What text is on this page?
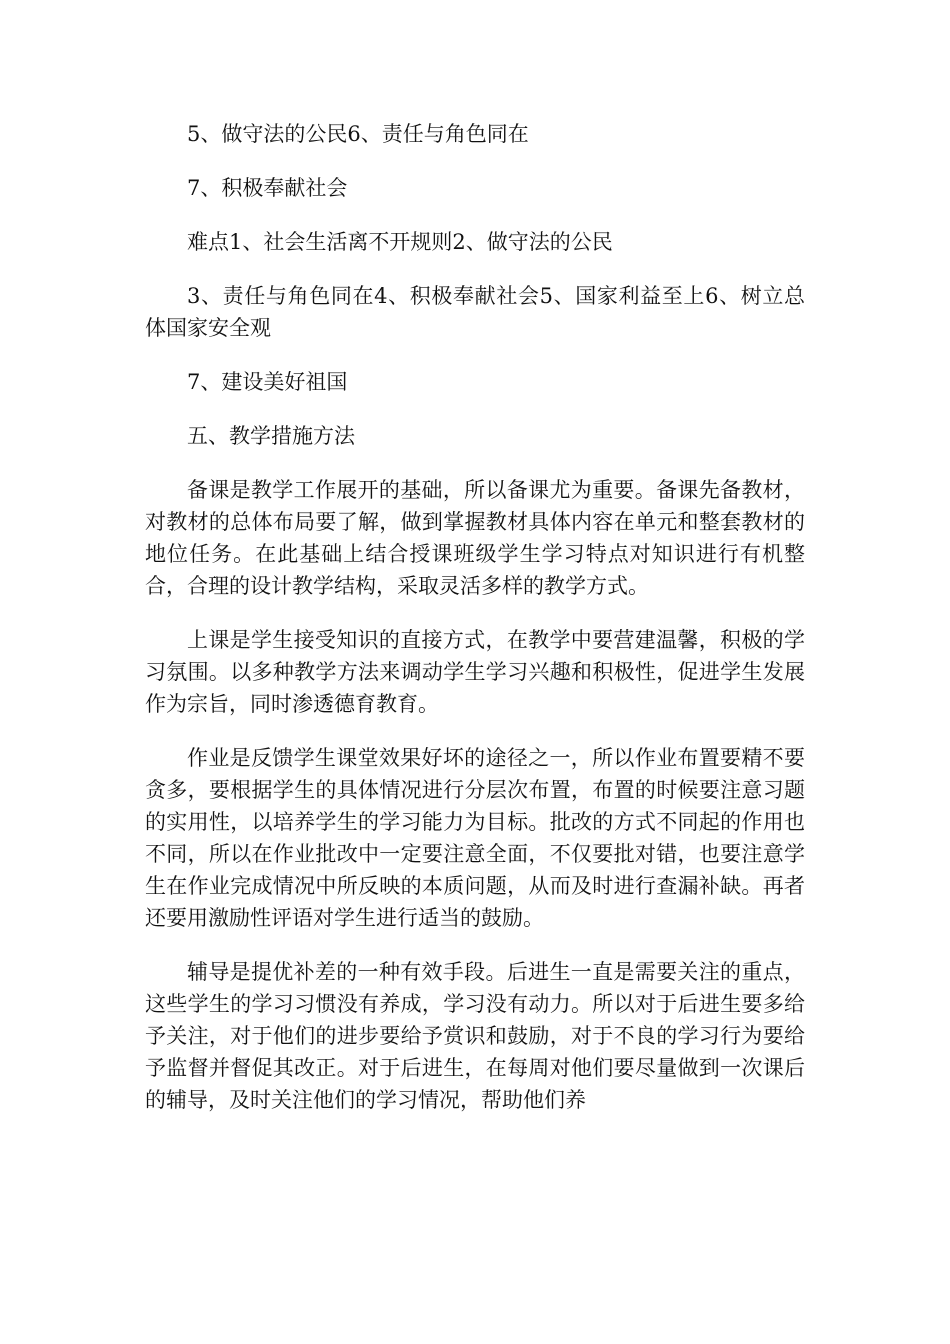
5、做守法的公民6、责任与角色同在

7、积极奉献社会

难点1、社会生活离不开规则2、做守法的公民

3、责任与角色同在4、积极奉献社会5、国家利益至上6、树立总体国家安全观

7、建设美好祖国

五、教学措施方法

备课是教学工作展开的基础，所以备课尤为重要。备课先备教材，对教材的总体布局要了解，做到掌握教材具体内容在单元和整套教材的地位任务。在此基础上结合授课班级学生学习特点对知识进行有机整合，合理的设计教学结构，采取灵活多样的教学方式。

上课是学生接受知识的直接方式，在教学中要营建温馨，积极的学习氛围。以多种教学方法来调动学生学习兴趣和积极性，促进学生发展作为宗旨，同时渗透德育教育。

作业是反馈学生课堂效果好坏的途径之一，所以作业布置要精不要贪多，要根据学生的具体情况进行分层次布置，布置的时候要注意习题的实用性，以培养学生的学习能力为目标。批改的方式不同起的作用也不同，所以在作业批改中一定要注意全面，不仅要批对错，也要注意学生在作业完成情况中所反映的本质问题，从而及时进行查漏补缺。再者还要用激励性评语对学生进行适当的鼓励。

辅导是提优补差的一种有效手段。后进生一直是需要关注的重点，这些学生的学习习惯没有养成，学习没有动力。所以对于后进生要多给予关注，对于他们的进步要给予赏识和鼓励，对于不良的学习行为要给予监督并督促其改正。对于后进生，在每周对他们要尽量做到一次课后的辅导，及时关注他们的学习情况，帮助他们养
